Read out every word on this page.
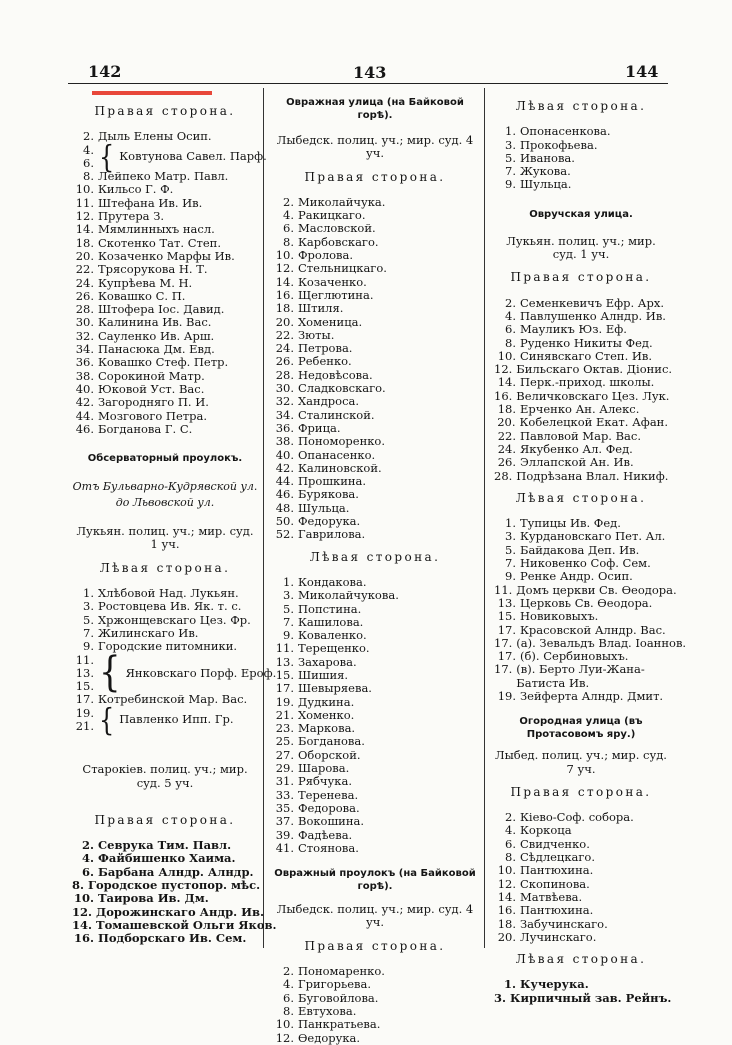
142	143	144
Правая сторона.
2. Дыль Елены Осип.
4.
6. { Ковтунова Савел. Парф.
8. Лейпеко Матр. Павл.
10. Кильсо Г. Ф.
11. Штефана Ив. Ив.
12. Прутера З.
14. Мямлинныхъ насл.
18. Скотенко Тат. Степ.
20. Козаченко Марфы Ив.
22. Трясорукова Н. Т.
24. Купрѣева М. Н.
26. Ковашко С. П.
28. Штофера Іос. Давид.
30. Калинина Ив. Вас.
32. Сауленко Ив. Арш.
34. Панасюка Дм. Евд.
36. Ковашко Стеф. Петр.
38. Сорокиной Матр.
40. Юковой Уст. Вас.
42. Загородняго П. И.
44. Мозгового Петра.
46. Богданова Г. С.
Обсерваторный проулокъ.
Отъ Бульварно-Кудрявской ул. до Львовской ул.
Лукьян. полиц. уч.; мир. суд. 1 уч.
Лѣвая сторона.
1. Хлѣбовой Над. Лукьян.
3. Ростовцева Ив. Як. т. с.
5. Хржонщевскаго Цез. Фр.
7. Жилинскаго Ив.
9. Городские питомники.
11.
13.
15. { Янковскаго Порф. Ероф.
17. Котребинской Мар. Вас.
19.
21. { Павленко Ипп. Гр.
Старокiев. полиц. уч.; мир. суд. 5 уч.
Правая сторона.
2. Севрука Тим. Павл.
4. Файбишенко Хаима.
6. Барбана Алндр. Алндр.
8. Городское пустопор. мѣс.
10. Таирова Ив. Дм.
12. Дорожинскаго Андр. Ив.
14. Томашевской Ольги Яков.
16. Подборскаго Ив. Сем.
Овражная улица (на Байковой горѣ).
Лыбедск. полиц. уч.; мир. суд. 4 уч.
Правая сторона.
2. Миколайчука.
4. Ракицкаго.
6. Масловской.
8. Карбовскаго.
10. Фролова.
12. Стельницкаго.
14. Козаченко.
16. Щеглютина.
18. Штиля.
20. Хоменица.
22. Зюты.
24. Петрова.
26. Ребенко.
28. Недовѣсова.
30. Сладковскаго.
32. Хандроса.
34. Сталинской.
36. Фрица.
38. Пономоренко.
40. Опанасенко.
42. Калиновской.
44. Прошкина.
46. Бурякова.
48. Шульца.
50. Федорука.
52. Гаврилова.
Лѣвая сторона.
1. Кондакова.
3. Миколайчукова.
5. Попстина.
7. Кашилова.
9. Коваленко.
11. Терещенко.
13. Захарова.
15. Шишия.
17. Шевыряева.
19. Дудкина.
21. Хоменко.
23. Маркова.
25. Богданова.
27. Оборской.
29. Шарова.
31. Рябчука.
33. Теренева.
35. Федорова.
37. Вокошина.
39. Фадѣева.
41. Стоянова.
Овражный проулокъ (на Байковой горѣ).
Лыбедск. полиц. уч.; мир. суд. 4 уч.
Правая сторона.
2. Пономаренко.
4. Григорьева.
6. Буговойлова.
8. Евтухова.
10. Панкратьева.
12. Ѳедорука.
Лѣвая сторона.
1. Опонасенкова.
3. Прокофьева.
5. Иванова.
7. Жукова.
9. Шульца.
Овручская улица.
Лукьян. полиц. уч.; мир. суд. 1 уч.
Правая сторона.
2. Семенкевичъ Ефр. Арх.
4. Павлушенко Алндр. Ив.
6. Мауликъ Юз. Еф.
8. Руденко Никиты Фед.
10. Синявскаго Степ. Ив.
12. Бильскаго Октав. Діонис.
14. Перк.-приход. школы.
16. Величковскаго Цез. Лук.
18. Ерченко Ан. Алекс.
20. Кобелецкой Екат. Афан.
22. Павловой Мар. Вас.
24. Якубенко Ал. Фед.
26. Эллапской Ан. Ив.
28. Подрѣзана Влал. Никиф.
Лѣвая сторона.
1. Тупицы Ив. Фед.
3. Курдановскаго Пет. Ал.
5. Байдакова Деп. Ив.
7. Никовенко Соф. Сем.
9. Ренке Андр. Осип.
11. Домъ церкви Св. Ѳеодора.
13. Церковь Св. Ѳеодора.
15. Новиковыхъ.
17. Красовской Алндр. Вас.
17. (а). Зевальдъ Влад. Іоаннов.
17. (б). Сербиновыхъ.
17. (в). Берто Луи-Жана-Батиста Ив.
19. Зейферта Алндр. Дмит.
Огородная улица (въ Протасовомъ яру.)
Лыбед. полиц. уч.; мир. суд. 7 уч.
Правая сторона.
2. Кіево-Соф. собора.
4. Коркоца
6. Свидченко.
8. Сѣдлецкаго.
10. Пантюхина.
12. Скопинова.
14. Матвѣева.
16. Пантюхина.
18. Забучинскаго.
20. Лучинскаго.
Лѣвая сторона.
1. Кучерука.
3. Кирпичный зав. Рейнъ.
